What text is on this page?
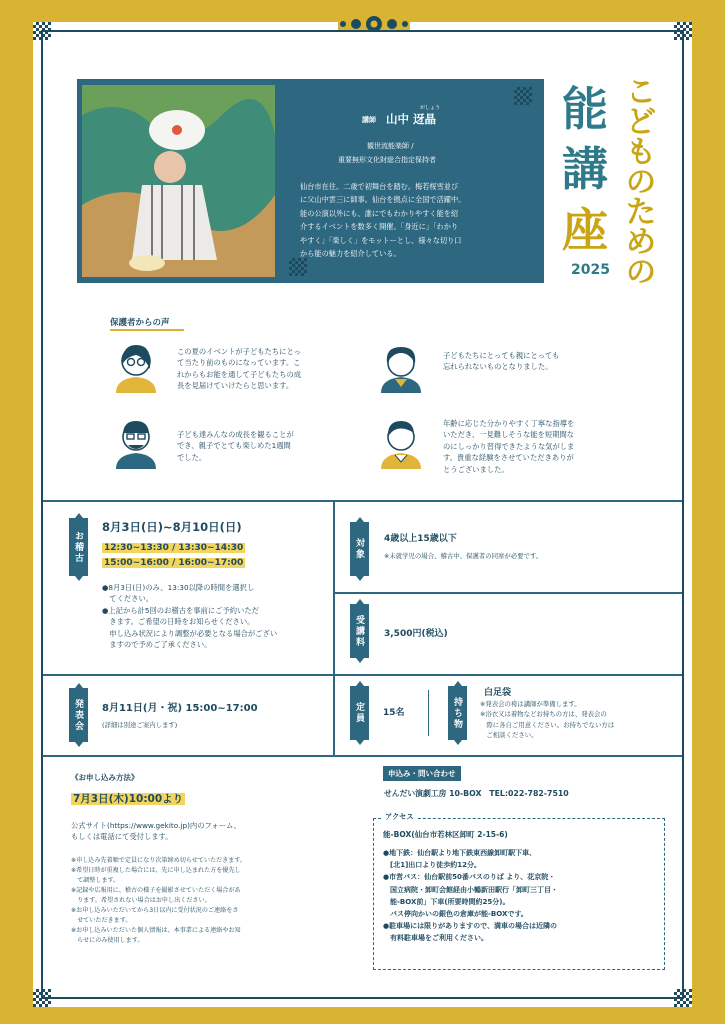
講師
がしょう
山中 迓晶
観世流能楽師 /
重要無形文化財総合指定保持者
仙台市在住。二歳で初舞台を踏む。梅若桜雪並び
に父山中雲三に師事。仙台を拠点に全国で活躍中。
能の公演以外にも、誰にでもわかりやすく能を紹
介するイベントを数多く開催。「身近に」「わかり
やすく」「楽しく」をモットーとし、様々な切り口
から能の魅力を紹介している。
能
講
座
2025
こ
ど
も
の
た
め
の
保護者からの声
この夏のイベントが子どもたちにとっ
て当たり前のものになっています。こ
れからもお能を通して子どもたちの成
長を見届けていけたらと思います。
子どもたちにとっても親にとっても
忘れられないものとなりました。
子ども達みんなの成長を観ることが
でき、親子でとても楽しめた1週間
でした。
年齢に応じた分かりやすく丁寧な指導を
いただき、一見難しそうな能を短期間な
のにしっかり習得できたような気がしま
す。貴重な経験をさせていただきありが
とうございました。
お稽古
8月3日(日)~8月10日(日)
12:30~13:30 / 13:30~14:30
15:00~16:00 / 16:00~17:00
●8月3日(日)のみ、13:30以降の時間を選択し
　てください。
●上記から計5回のお稽古を事前にご予約いただ
　きます。ご希望の日時をお知らせください。
　申し込み状況により調整が必要となる場合がござい
　ますので予めご了承ください。
対象	4歳以上15歳以下
※未就学児の場合、稽古中、保護者の同席が必要です。
受講料	3,500円(税込)
発表会	8月11日(月・祝) 15:00~17:00
(詳細は別途ご案内します)
定員	15名	持ち物
白足袋
※発表会の袴は講師が準備します。
※浴衣又は着物などお持ちの方は、発表会の
　際に各自ご用意ください。お持ちでない方は
　ご相談ください。
《お申し込み方法》
7月3日(木)10:00より
公式サイト(https://www.gekito.jp)内のフォーム、
もしくは電話にて受付します。
※申し込み先着順で定員になり次第締め切らせていただきます。
※希望日時が重複した場合には、先に申し込まれた方を優先し
　て調整します。
※記録や広報用に、稽古の様子を撮影させていただく場合があ
　ります。希望されない場合はお申し出ください。
※お申し込みいただいてから3日以内に受付状況のご連絡をさ
　せていただきます。
※お申し込みいただいた個人情報は、本事業による連絡やお知
　らせにのみ使用します。
申込み・問い合わせ
せんだい演劇工房 10-BOX　TEL:022-782-7510
アクセス
能-BOX(仙台市若林区卸町 2-15-6)
●地下鉄：仙台駅より地下鉄東西線卸町駅下車、
　[北1]出口より徒歩約12分。
●市営バス：仙台駅前50番バスのりば より、花京院・
　国立病院・卸町会館経由小鶴新田駅行「卸町三丁目・
　能-BOX前」下車(所要時間約25分)。
　バス停向かいの銀色の倉庫が能-BOXです。
●駐車場には限りがありますので、満車の場合は近隣の
　有料駐車場をご利用ください。
